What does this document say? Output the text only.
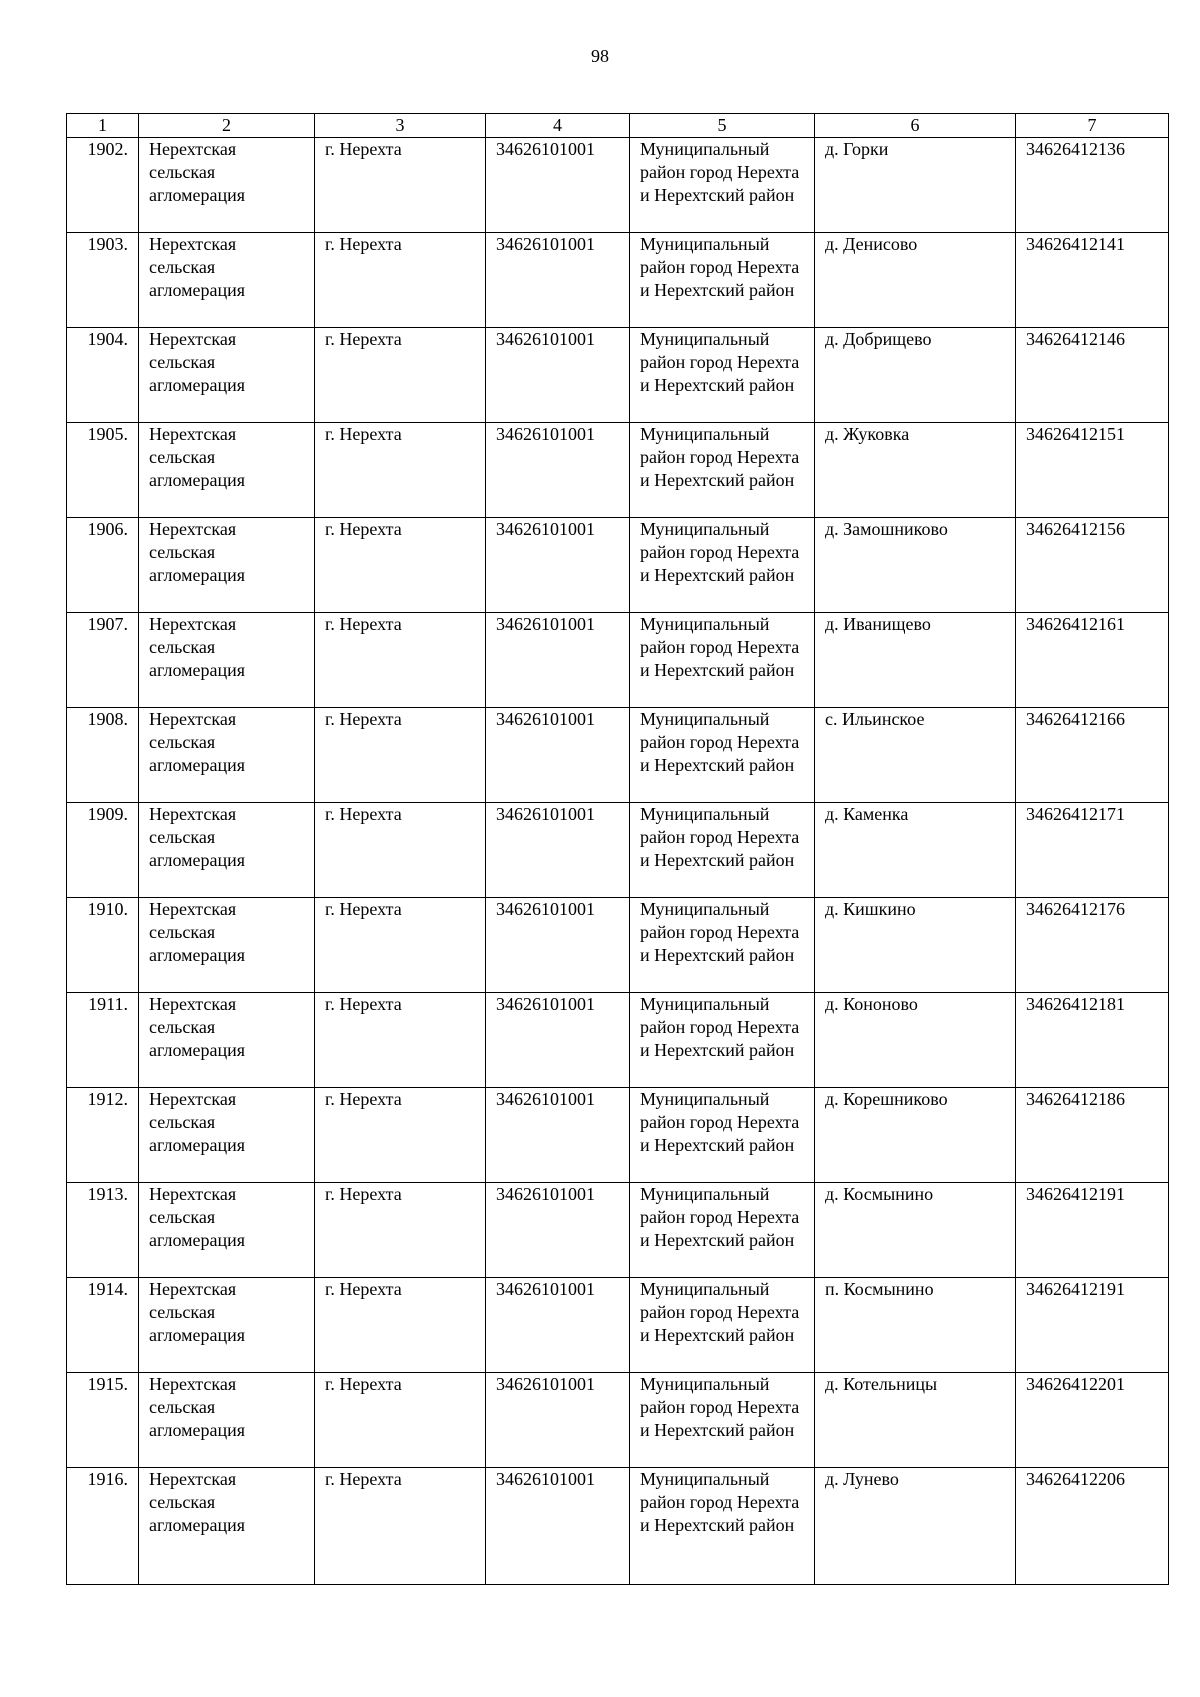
98
1	2	3	4	5	6	7
1902.	Нерехтская сельская агломерация	г. Нерехта	34626101001	Муниципальный район город Нерехта и Нерехтский район	д. Горки	34626412136
1903.	Нерехтская сельская агломерация	г. Нерехта	34626101001	Муниципальный район город Нерехта и Нерехтский район	д. Денисово	34626412141
1904.	Нерехтская сельская агломерация	г. Нерехта	34626101001	Муниципальный район город Нерехта и Нерехтский район	д. Добрищево	34626412146
1905.	Нерехтская сельская агломерация	г. Нерехта	34626101001	Муниципальный район город Нерехта и Нерехтский район	д. Жуковка	34626412151
1906.	Нерехтская сельская агломерация	г. Нерехта	34626101001	Муниципальный район город Нерехта и Нерехтский район	д. Замошниково	34626412156
1907.	Нерехтская сельская агломерация	г. Нерехта	34626101001	Муниципальный район город Нерехта и Нерехтский район	д. Иванищево	34626412161
1908.	Нерехтская сельская агломерация	г. Нерехта	34626101001	Муниципальный район город Нерехта и Нерехтский район	с. Ильинское	34626412166
1909.	Нерехтская сельская агломерация	г. Нерехта	34626101001	Муниципальный район город Нерехта и Нерехтский район	д. Каменка	34626412171
1910.	Нерехтская сельская агломерация	г. Нерехта	34626101001	Муниципальный район город Нерехта и Нерехтский район	д. Кишкино	34626412176
1911.	Нерехтская сельская агломерация	г. Нерехта	34626101001	Муниципальный район город Нерехта и Нерехтский район	д. Кононово	34626412181
1912.	Нерехтская сельская агломерация	г. Нерехта	34626101001	Муниципальный район город Нерехта и Нерехтский район	д. Корешниково	34626412186
1913.	Нерехтская сельская агломерация	г. Нерехта	34626101001	Муниципальный район город Нерехта и Нерехтский район	д. Космынино	34626412191
1914.	Нерехтская сельская агломерация	г. Нерехта	34626101001	Муниципальный район город Нерехта и Нерехтский район	п. Космынино	34626412191
1915.	Нерехтская сельская агломерация	г. Нерехта	34626101001	Муниципальный район город Нерехта и Нерехтский район	д. Котельницы	34626412201
1916.	Нерехтская сельская агломерация	г. Нерехта	34626101001	Муниципальный район город Нерехта и Нерехтский район	д. Лунево	34626412206
